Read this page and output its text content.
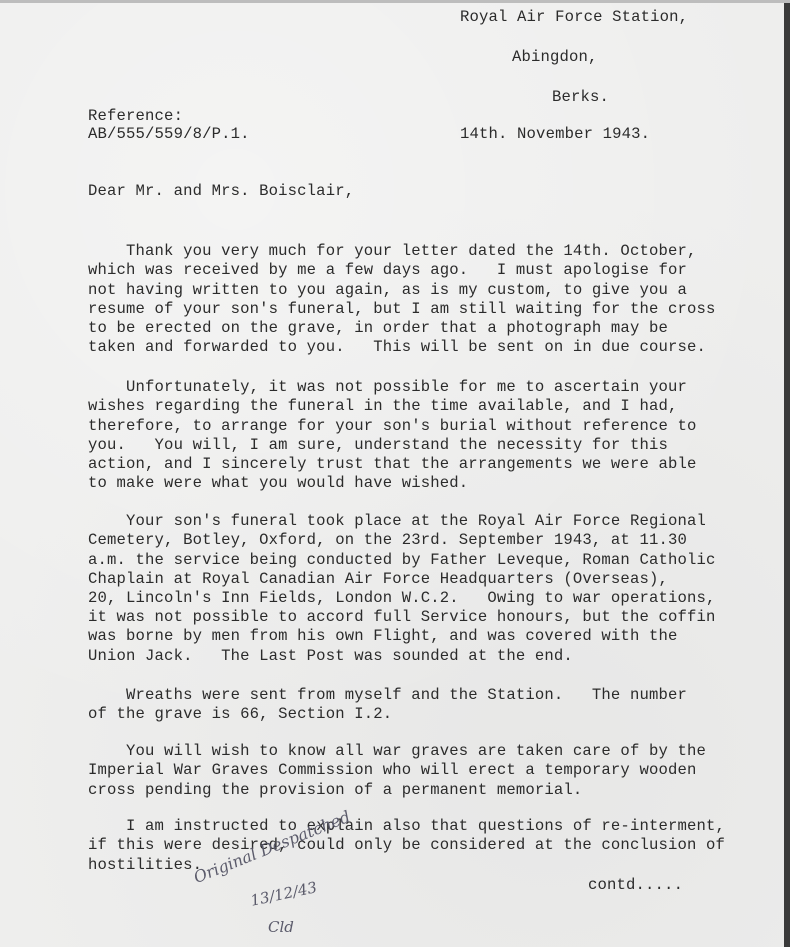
Royal Air Force Station,
Abingdon,
Berks.
Reference:
AB/555/559/8/P.1.	14th. November 1943.
Dear Mr. and Mrs. Boisclair,

Thank you very much for your letter dated the 14th. October,
which was received by me a few days ago.   I must apologise for
not having written to you again, as is my custom, to give you a
resume of your son's funeral, but I am still waiting for the cross
to be erected on the grave, in order that a photograph may be
taken and forwarded to you.   This will be sent on in due course.

Unfortunately, it was not possible for me to ascertain your
wishes regarding the funeral in the time available, and I had,
therefore, to arrange for your son's burial without reference to
you.   You will, I am sure, understand the necessity for this
action, and I sincerely trust that the arrangements we were able
to make were what you would have wished.

Your son's funeral took place at the Royal Air Force Regional
Cemetery, Botley, Oxford, on the 23rd. September 1943, at 11.30
a.m. the service being conducted by Father Leveque, Roman Catholic
Chaplain at Royal Canadian Air Force Headquarters (Overseas),
20, Lincoln's Inn Fields, London W.C.2.   Owing to war operations,
it was not possible to accord full Service honours, but the coffin
was borne by men from his own Flight, and was covered with the
Union Jack.   The Last Post was sounded at the end.

Wreaths were sent from myself and the Station.   The number
of the grave is 66, Section I.2.

You will wish to know all war graves are taken care of by the
Imperial War Graves Commission who will erect a temporary wooden
cross pending the provision of a permanent memorial.

I am instructed to explain also that questions of re-interment,
if this were desired, could only be considered at the conclusion of
hostilities.

contd.....
Original Despatched
13/12/43
Cld
